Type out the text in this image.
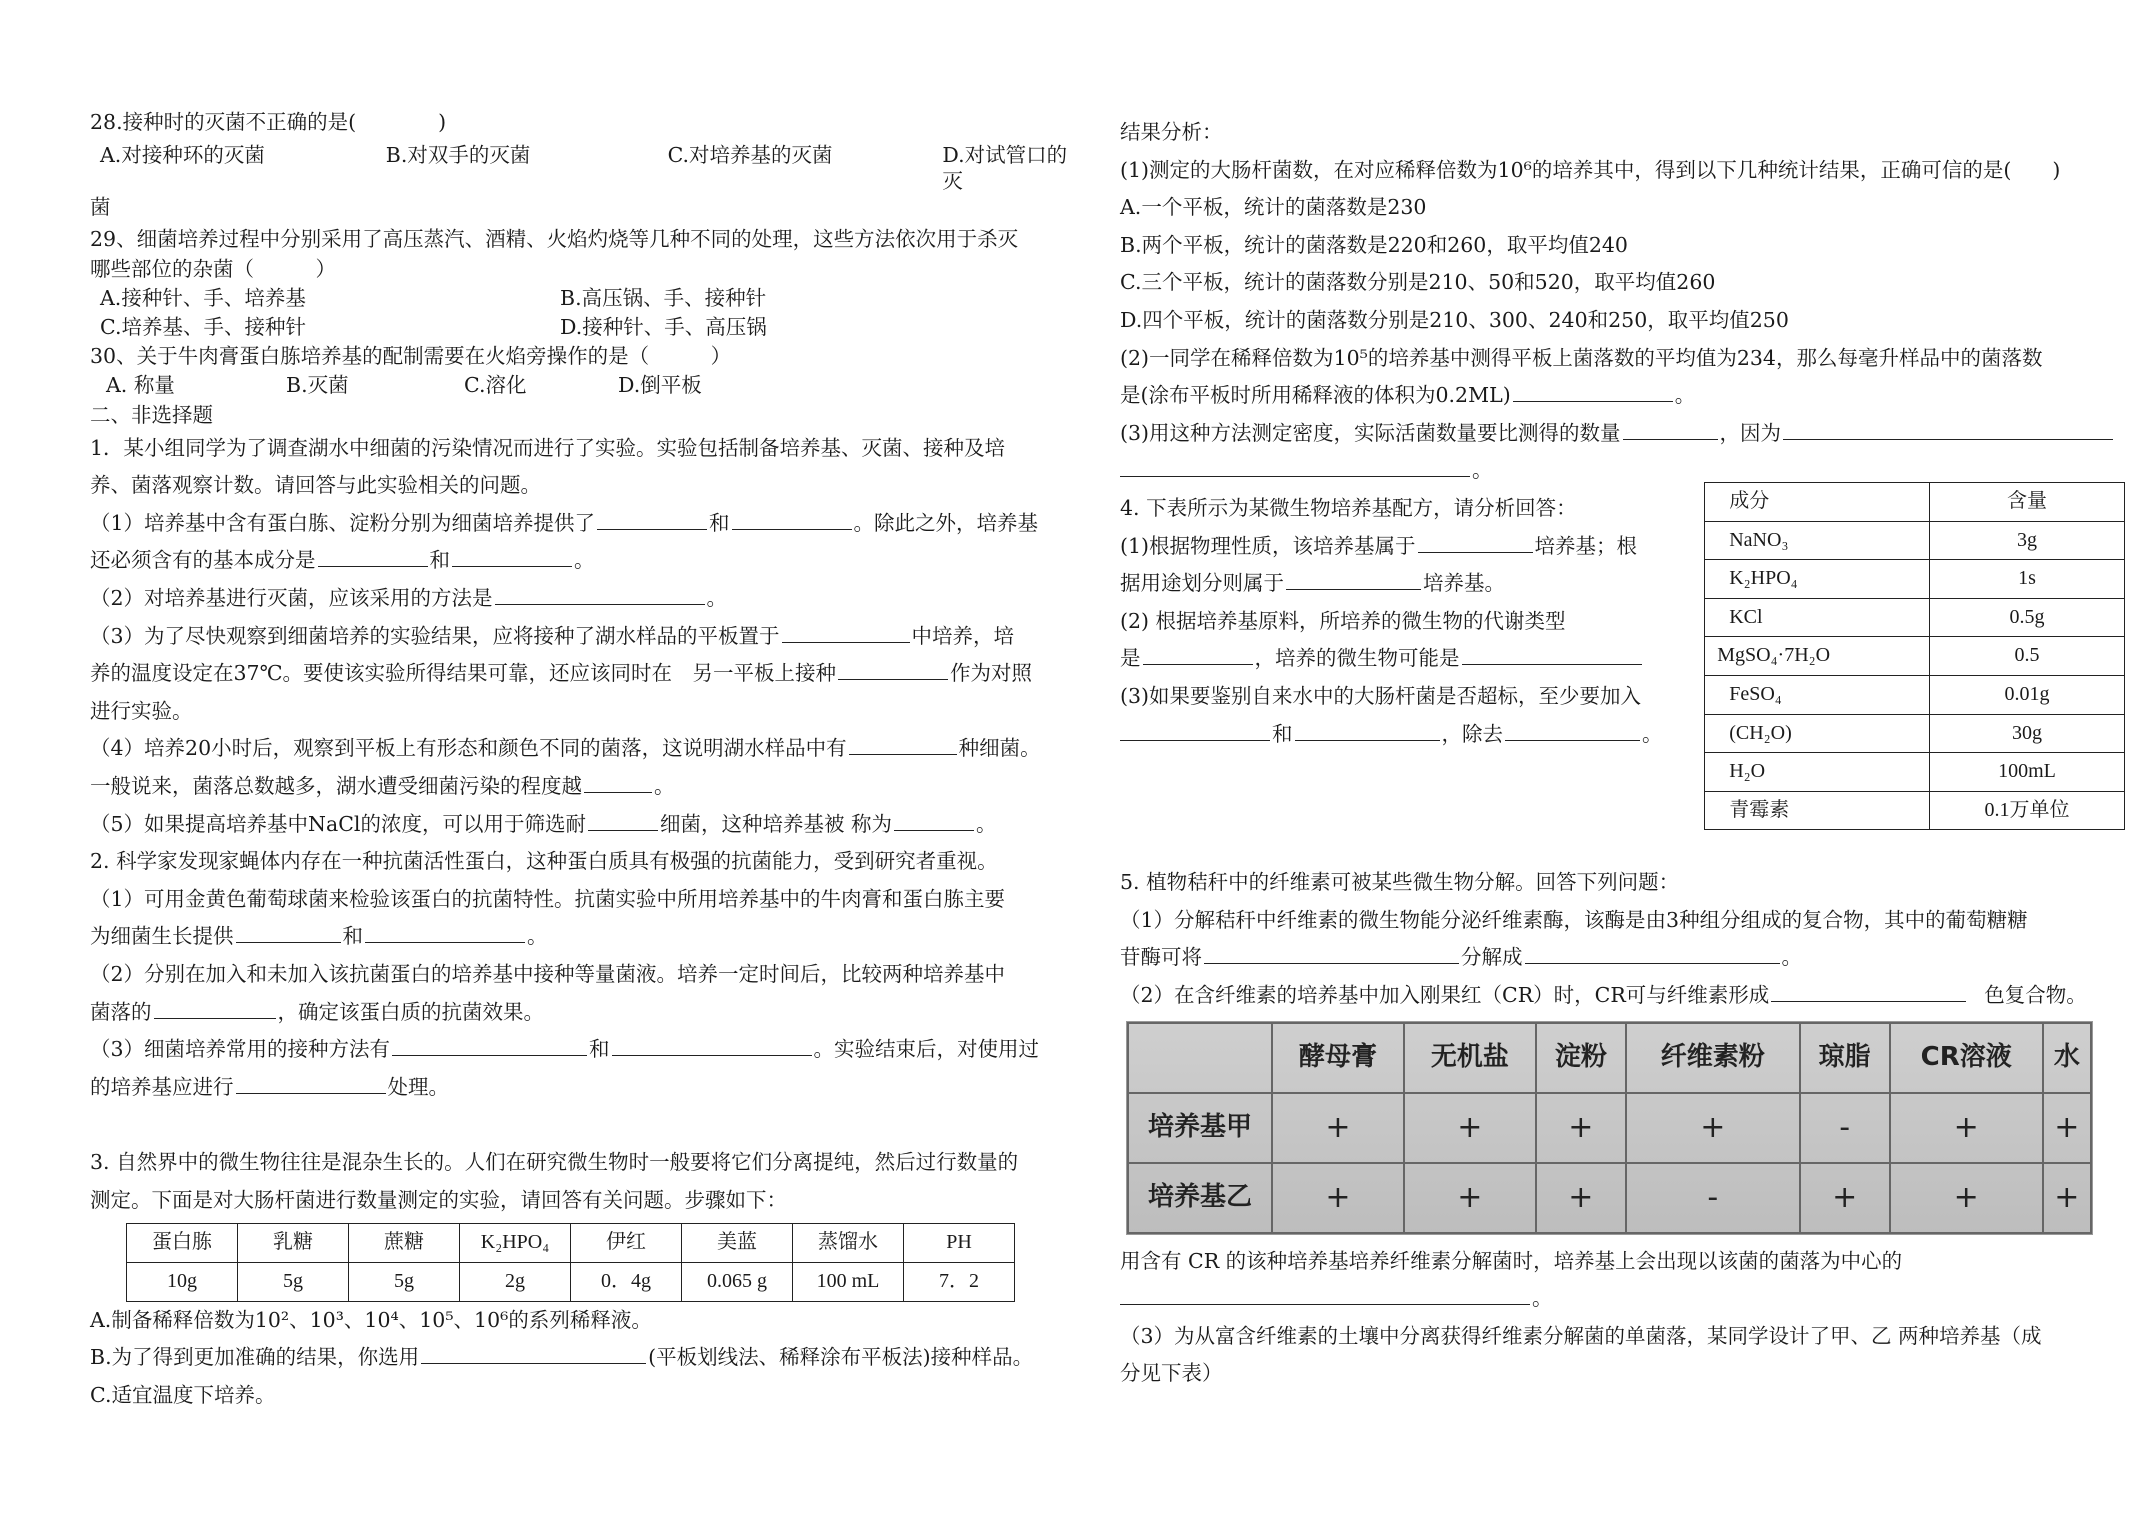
28.接种时的灭菌不正确的是(　　　　)
A.对接种环的灭菌	B.对双手的灭菌	C.对培养基的灭菌	D.对试管口的灭
菌
29、细菌培养过程中分别采用了高压蒸汽、酒精、火焰灼烧等几种不同的处理，这些方法依次用于杀灭
哪些部位的杂菌（　　　）
A.接种针、手、培养基	B.高压锅、手、接种针
C.培养基、手、接种针	D.接种针、手、高压锅
30、关于牛肉膏蛋白胨培养基的配制需要在火焰旁操作的是（　　　）
A. 称量	B.灭菌	C.溶化	D.倒平板
二、非选择题
1．某小组同学为了调查湖水中细菌的污染情况而进行了实验。实验包括制备培养基、灭菌、接种及培
养、菌落观察计数。请回答与此实验相关的问题。
（1）培养基中含有蛋白胨、淀粉分别为细菌培养提供了	和	。除此之外，培养基
还必须含有的基本成分是	和	。
（2）对培养基进行灭菌，应该采用的方法是	。
（3）为了尽快观察到细菌培养的实验结果，应将接种了湖水样品的平板置于	中培养，培
养的温度设定在37℃。要使该实验所得结果可靠，还应该同时在　另一平板上接种	作为对照
进行实验。
（4）培养20小时后，观察到平板上有形态和颜色不同的菌落，这说明湖水样品中有	种细菌。
一般说来，菌落总数越多，湖水遭受细菌污染的程度越	。
（5）如果提高培养基中NaCl的浓度，可以用于筛选耐	细菌，这种培养基被 称为	。
2. 科学家发现家蝇体内存在一种抗菌活性蛋白，这种蛋白质具有极强的抗菌能力，受到研究者重视。
（1）可用金黄色葡萄球菌来检验该蛋白的抗菌特性。抗菌实验中所用培养基中的牛肉膏和蛋白胨主要
为细菌生长提供	和	。
（2）分别在加入和未加入该抗菌蛋白的培养基中接种等量菌液。培养一定时间后，比较两种培养基中
菌落的	，确定该蛋白质的抗菌效果。
（3）细菌培养常用的接种方法有	和	。实验结束后，对使用过
的培养基应进行	处理。
3. 自然界中的微生物往往是混杂生长的。人们在研究微生物时一般要将它们分离提纯，然后过行数量的
测定。下面是对大肠杆菌进行数量测定的实验，请回答有关问题。步骤如下：
蛋白胨	乳糖	蔗糖	K₂HPO₄	伊红	美蓝	蒸馏水	PH
10g	5g	5g	2g	0．4g	0.065 g	100 mL	7．2
A.制备稀释倍数为10²、10³、10⁴、10⁵、10⁶的系列稀释液。
B.为了得到更加准确的结果，你选用	(平板划线法、稀释涂布平板法)接种样品。
C.适宜温度下培养。
结果分析：
(1)测定的大肠杆菌数，在对应稀释倍数为10⁶的培养其中，得到以下几种统计结果，正确可信的是(　　)
A.一个平板，统计的菌落数是230
B.两个平板，统计的菌落数是220和260，取平均值240
C.三个平板，统计的菌落数分别是210、50和520，取平均值260
D.四个平板，统计的菌落数分别是210、300、240和250，取平均值250
(2)一同学在稀释倍数为10⁵的培养基中测得平板上菌落数的平均值为234，那么每毫升样品中的菌落数
是(涂布平板时所用稀释液的体积为0.2ML)	。
(3)用这种方法测定密度，实际活菌数量要比测得的数量	，因为
。
4. 下表所示为某微生物培养基配方，请分析回答：
(1)根据物理性质，该培养基属于	培养基；根
据用途划分则属于	培养基。
(2) 根据培养基原料，所培养的微生物的代谢类型
是	，培养的微生物可能是
(3)如果要鉴别自来水中的大肠杆菌是否超标，至少要加入
和	，除去	。
成分	含量
NaNO₃	3g
K₂HPO₄	1s
KCl	0.5g
MgSO₄·7H₂O	0.5
FeSO₄	0.01g
(CH₂O)	30g
H₂O	100mL
青霉素	0.1万单位
5. 植物秸秆中的纤维素可被某些微生物分解。回答下列问题：
（1）分解秸秆中纤维素的微生物能分泌纤维素酶，该酶是由3种组分组成的复合物，其中的葡萄糖糖
苷酶可将	分解成	。
（2）在含纤维素的培养基中加入刚果红（CR）时，CR可与纤维素形成	色复合物。
	酵母膏	无机盐	淀粉	纤维素粉	琼脂	CR溶液	水
培养基甲	+	+	+	+	-	+	+
培养基乙	+	+	+	-	+	+	+
用含有 CR 的该种培养基培养纤维素分解菌时，培养基上会出现以该菌的菌落为中心的
。
（3）为从富含纤维素的土壤中分离获得纤维素分解菌的单菌落，某同学设计了甲、乙 两种培养基（成
分见下表）
